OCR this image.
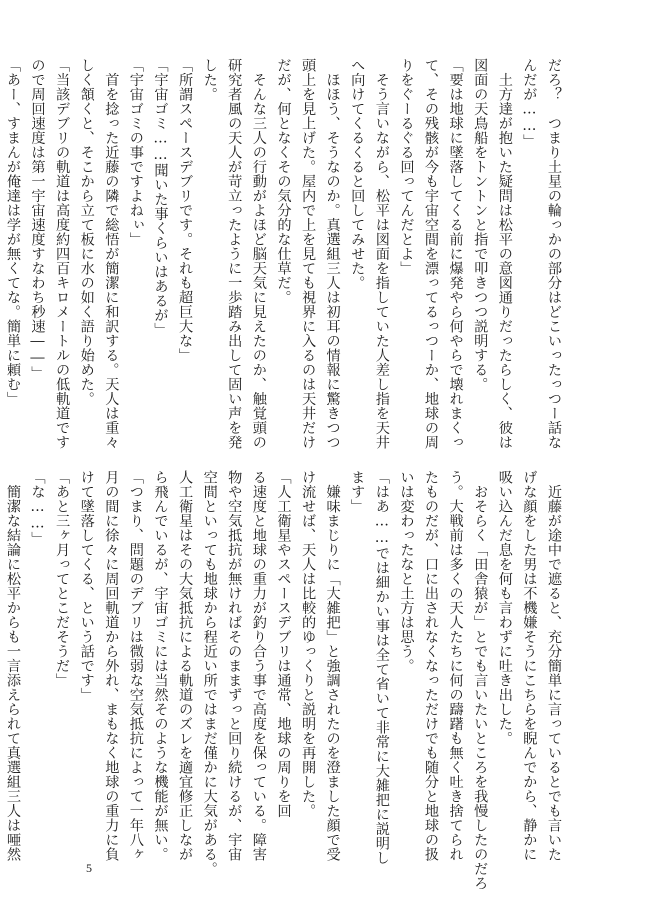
だろ？　つまり土星の輪っかの部分はどこいったっつー話な
んだが……」
　土方達が抱いた疑問は松平の意図通りだったらしく、彼は
図面の天鳥船をトントンと指で叩きつつ説明する。
「要は地球に墜落してくる前に爆発やら何やらで壊れまくっ
て、その残骸が今も宇宙空間を漂ってるっつーか、地球の周
りをぐーるぐる回ってんだとよ」
　そう言いながら、松平は図面を指していた人差し指を天井
へ向けてくるくると回してみせた。
　ほほう、そうなのか。真選組三人は初耳の情報に驚きつつ
頭上を見上げた。屋内で上を見ても視界に入るのは天井だけ
だが、何となくその気分的な仕草だ。
　そんな三人の行動がよほど脳天気に見えたのか、触覚頭の
研究者風の天人が苛立ったように一歩踏み出して固い声を発
した。
「所謂スペースデブリです。それも超巨大な」
「宇宙ゴミ……聞いた事くらいはあるが」
「宇宙ゴミの事ですよねぃ」
　首を捻った近藤の隣で総悟が簡潔に和訳する。天人は重々
しく頷くと、そこから立て板に水の如く語り始めた。
「当該デブリの軌道は高度約四百キロメートルの低軌道です
ので周回速度は第一宇宙速度すなわち秒速――」
「あー、すまんが俺達は学が無くてな。簡単に頼む」
　近藤が途中で遮ると、充分簡単に言っているとでも言いた
げな顔をした男は不機嫌そうにこちらを睨んでから、静かに
吸い込んだ息を何も言わずに吐き出した。
　おそらく「田舎猿が」とでも言いたいところを我慢したのだろ
う。大戦前は多くの天人たちに何の躊躇も無く吐き捨てられ
たものだが、口に出されなくなっただけでも随分と地球の扱
いは変わったなと土方は思う。
「はあ……では細かい事は全て省いて非常に大雑把に説明し
ます」
　嫌味まじりに「大雑把」と強調されたのを澄ました顔で受
け流せば、天人は比較的ゆっくりと説明を再開した。
「人工衛星やスペースデブリは通常、地球の周りを回
る速度と地球の重力が釣り合う事で高度を保っている。障害
物や空気抵抗が無ければそのままずっと回り続けるが、宇宙
空間といっても地球から程近い所ではまだ僅かに大気がある。
人工衛星はその大気抵抗による軌道のズレを適宜修正しなが
ら飛んでいるが、宇宙ゴミには当然そのような機能が無い。
「つまり、問題のデブリは微弱な空気抵抗によって一年八ヶ
月の間に徐々に周回軌道から外れ、まもなく地球の重力に負
けて墜落してくる、という話です」
「あと三ヶ月ってとこだそうだ」
「な……」
　簡潔な結論に松平からも一言添えられて真選組三人は唖然
5
